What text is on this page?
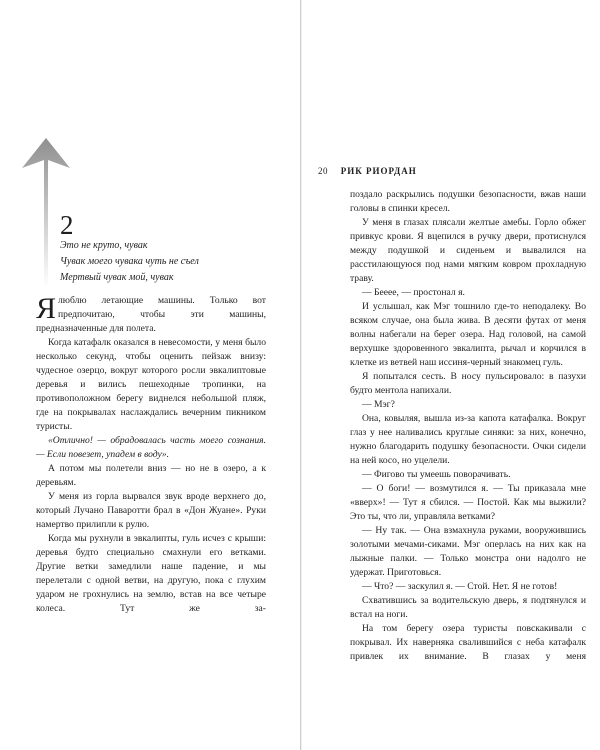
2
Это не круто, чувак
Чувак моего чувака чуть не съел
Мертвый чувак мой, чувак

Ялюблю летающие машины. Только вот предпочитаю, чтобы эти машины, предназначенные для полета.

Когда катафалк оказался в невесомости, у меня было несколько секунд, чтобы оценить пейзаж внизу: чудесное озерцо, вокруг которого росли эвкалиптовые деревья и вились пешеходные тропинки, на противоположном берегу виднелся небольшой пляж, где на покрывалах наслаждались вечерним пикником туристы.

«Отлично! — обрадовалась часть моего сознания. — Если повезет, упадем в воду».

А потом мы полетели вниз — но не в озеро, а к деревьям.

У меня из горла вырвался звук вроде верхнего до, который Лучано Паваротти брал в «Дон Жуане». Руки намертво прилипли к рулю.

Когда мы рухнули в эвкалипты, гуль исчез с крыши: деревья будто специально смахнули его ветками. Другие ветки замедлили наше падение, и мы перелетали с одной ветви, на другую, пока с глухим ударом не грохнулись на землю, встав на все четыре колеса. Тут же за-

20 РИК РИОРДАН

поздало раскрылись подушки безопасности, вжав наши головы в спинки кресел.

У меня в глазах плясали желтые амебы. Горло обжег привкус крови. Я вцепился в ручку двери, протиснулся между подушкой и сиденьем и вывалился на расстилающуюся под нами мягким ковром прохладную траву.

— Бееее, — простонал я.

И услышал, как Мэг тошнило где-то неподалеку. Во всяком случае, она была жива. В десяти футах от меня волны набегали на берег озера. Над головой, на самой верхушке здоровенного эвкалипта, рычал и корчился в клетке из ветвей наш иссиня-черный знакомец гуль.

Я попытался сесть. В носу пульсировало: в пазухи будто ментола напихали.

— Мэг?

Она, ковыляя, вышла из-за капота катафалка. Вокруг глаз у нее наливались круглые синяки: за них, конечно, нужно благодарить подушку безопасности. Очки сидели на ней косо, но уцелели.

— Фигово ты умеешь поворачивать.

— О боги! — возмутился я. — Ты приказала мне «вверх»! — Тут я сбился. — Постой. Как мы выжили? Это ты, что ли, управляла ветками?

— Ну так. — Она взмахнула руками, вооружившись золотыми мечами-сиками. Мэг оперлась на них как на лыжные палки. — Только монстра они надолго не удержат. Приготовься.

— Что? — заскулил я. — Стой. Нет. Я не готов!

Схватившись за водительскую дверь, я подтянулся и встал на ноги.

На том берегу озера туристы повскакивали с покрывал. Их наверняка свалившийся с неба катафалк привлек их внимание. В глазах у меня
